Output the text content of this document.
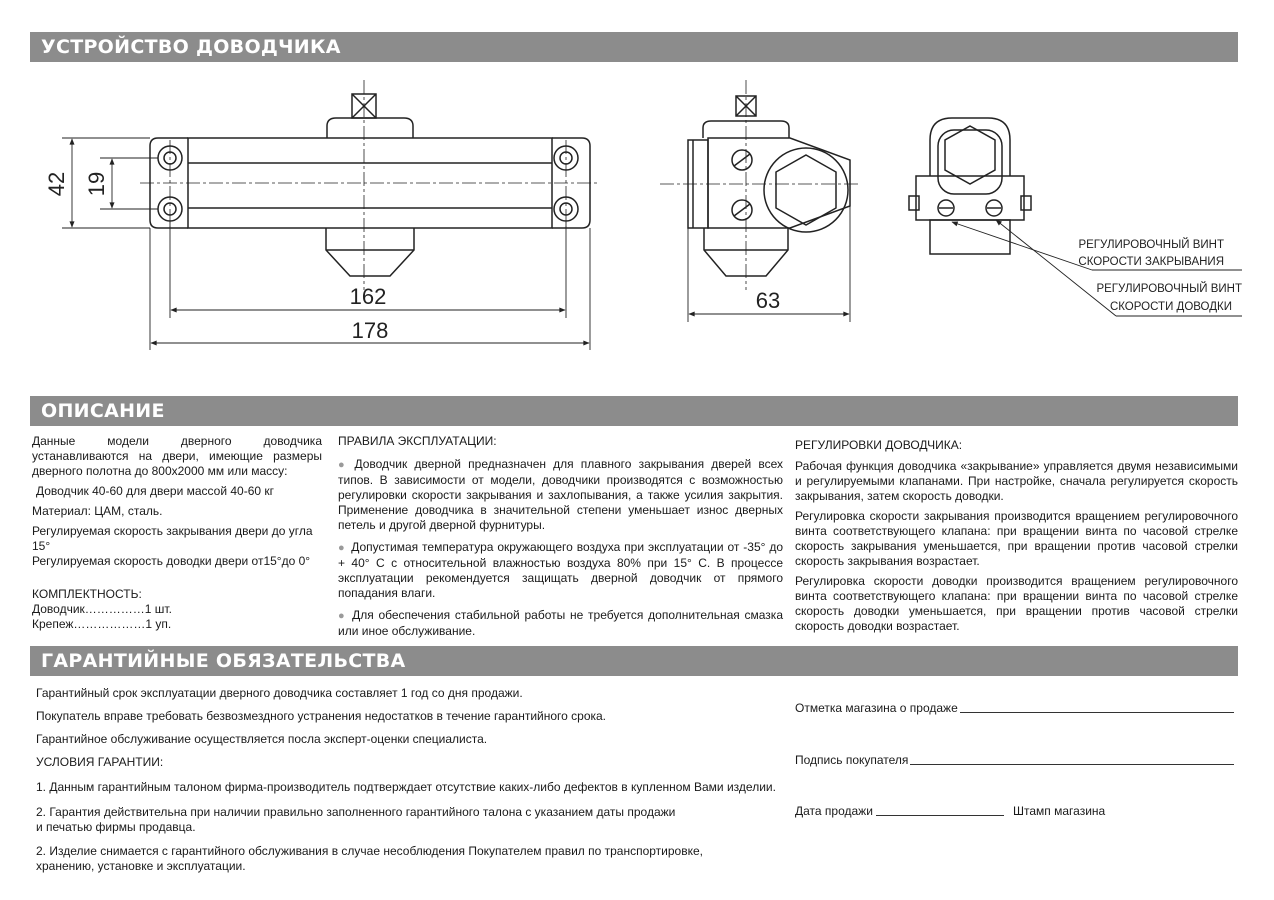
УСТРОЙСТВО ДОВОДЧИКА
ОПИСАНИЕ
ГАРАНТИЙНЫЕ ОБЯЗАТЕЛЬСТВА
42 19
162
178
63
РЕГУЛИРОВОЧНЫЙ ВИНТ
СКОРОСТИ ЗАКРЫВАНИЯ
РЕГУЛИРОВОЧНЫЙ ВИНТ
СКОРОСТИ ДОВОДКИ

Данные модели дверного доводчика устанавливаются на двери, имеющие размеры дверного полотна до 800х2000 мм или массу:

Доводчик 40-60 для двери массой 40-60 кг

Материал: ЦАМ, сталь.

Регулируемая скорость закрывания двери до угла 15°

Регулируемая скорость доводки двери от15°до 0°

КОМПЛЕКТНОСТЬ:

Доводчик……………1 шт.

Крепеж………………1 уп.

ПРАВИЛА ЭКСПЛУАТАЦИИ:

● Доводчик дверной предназначен для плавного закрывания дверей всех типов. В зависимости от модели, доводчики производятся с возможностью регулировки скорости закрывания и захлопывания, а также усилия закрытия. Применение доводчика в значительной степени уменьшает износ дверных петель и другой дверной фурнитуры.

● Допустимая температура окружающего воздуха при эксплуатации от -35° до + 40° С с относительной влажностью воздуха 80% при 15° С. В процессе эксплуатации рекомендуется защищать дверной доводчик от прямого попадания влаги.

● Для обеспечения стабильной работы не требуется дополнительная смазка или иное обслуживание.

РЕГУЛИРОВКИ ДОВОДЧИКА:

Рабочая функция доводчика «закрывание» управляется двумя независимыми и регулируемыми клапанами. При настройке, сначала регулируется скорость закрывания, затем скорость доводки.

Регулировка скорости закрывания производится вращением регулировочного винта соответствующего клапана: при вращении винта по часовой стрелке скорость закрывания уменьшается, при вращении против часовой стрелки скорость закрывания возрастает.

Регулировка скорости доводки производится вращением регулировочного винта соответствующего клапана: при вращении винта по часовой стрелке скорость доводки уменьшается, при вращении против часовой стрелки скорость доводки возрастает.

Гарантийный срок эксплуатации дверного доводчика составляет 1 год со дня продажи.

Покупатель вправе требовать безвозмездного устранения недостатков в течение гарантийного срока.

Гарантийное обслуживание осуществляется посла эксперт-оценки специалиста.

УСЛОВИЯ ГАРАНТИИ:

1. Данным гарантийным талоном фирма-производитель подтверждает отсутствие каких-либо дефектов в купленном Вами изделии.

2. Гарантия действительна при наличии правильно заполненного гарантийного талона с указанием даты продажи

и печатью фирмы продавца.

2. Изделие снимается с гарантийного обслуживания в случае несоблюдения Покупателем правил по транспортировке,

хранению, установке и эксплуатации.

Отметка магазина о продаже
Подпись покупателя
Дата продажи	Штамп магазина
